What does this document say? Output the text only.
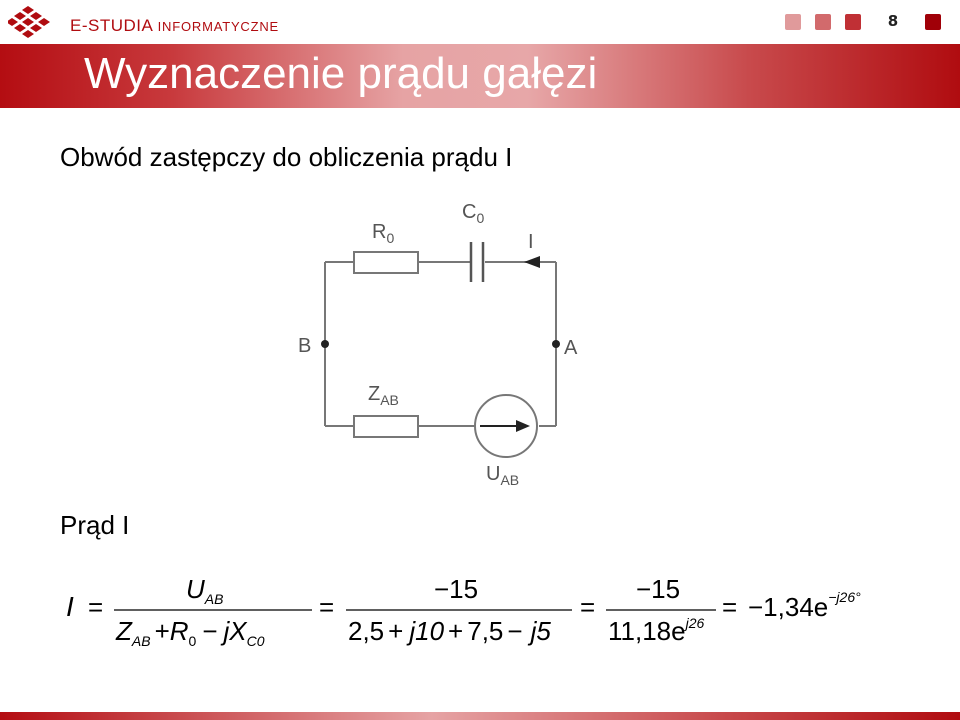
E-STUDIA INFORMATYCZNE	8
Wyznaczenie prądu gałęzi
Obwód zastępczy do obliczenia prądu I
$R_0$
$C_0$
I
B	A
$Z_{AB}$
$U_{AB}$
Prąd I
I =
$U_{AB}$
$Z_{AB} +R_0 - jX_{C0}$
=
−15
2,5 + j10 + 7,5 − j5
=
−15
$11,18e^{j26}$
= $-1,34e^{-j26^\circ}$
